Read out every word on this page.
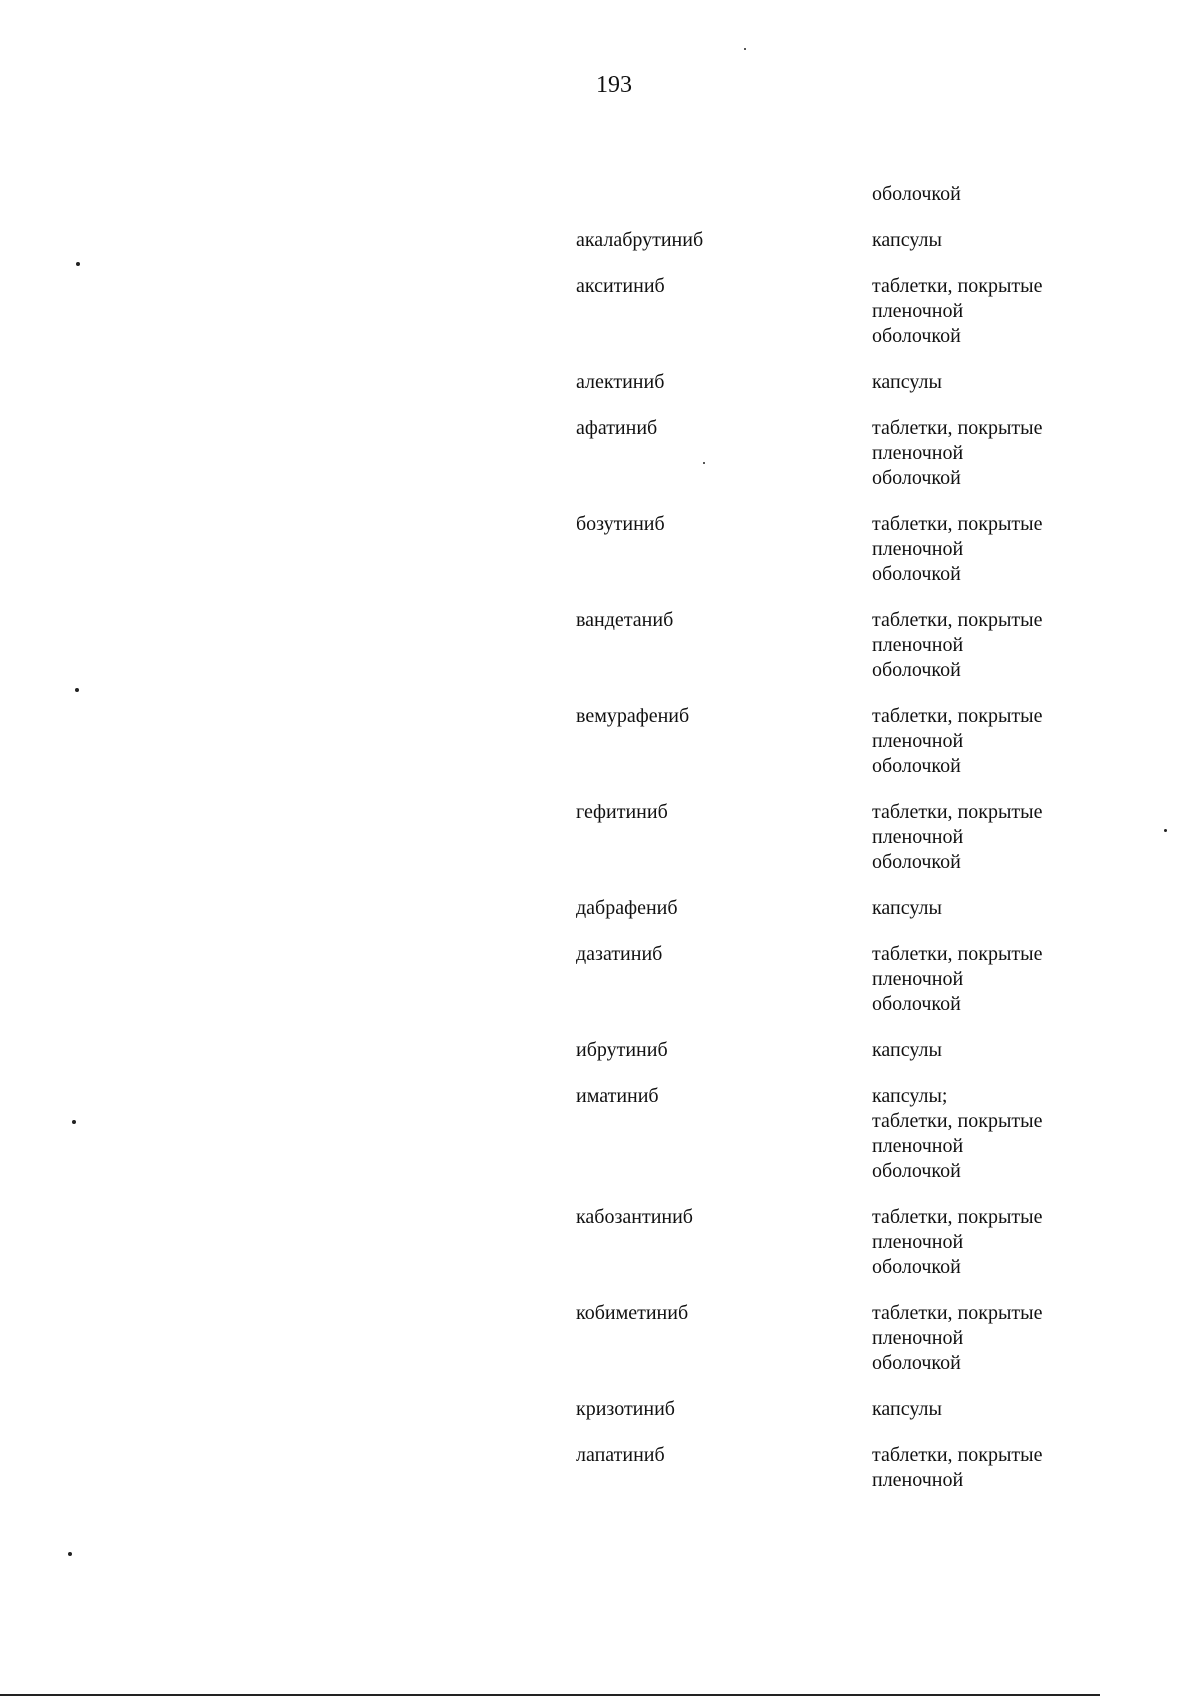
193
оболочкой
акалабрутиниб	капсулы
акситиниб	таблетки, покрытые
пленочной
оболочкой
алектиниб	капсулы
афатиниб	таблетки, покрытые
пленочной
оболочкой
бозутиниб	таблетки, покрытые
пленочной
оболочкой
вандетаниб	таблетки, покрытые
пленочной
оболочкой
вемурафениб	таблетки, покрытые
пленочной
оболочкой
гефитиниб	таблетки, покрытые
пленочной
оболочкой
дабрафениб	капсулы
дазатиниб	таблетки, покрытые
пленочной
оболочкой
ибрутиниб	капсулы
иматиниб	капсулы;
таблетки, покрытые
пленочной
оболочкой
кабозантиниб	таблетки, покрытые
пленочной
оболочкой
кобиметиниб	таблетки, покрытые
пленочной
оболочкой
кризотиниб	капсулы
лапатиниб	таблетки, покрытые
пленочной
